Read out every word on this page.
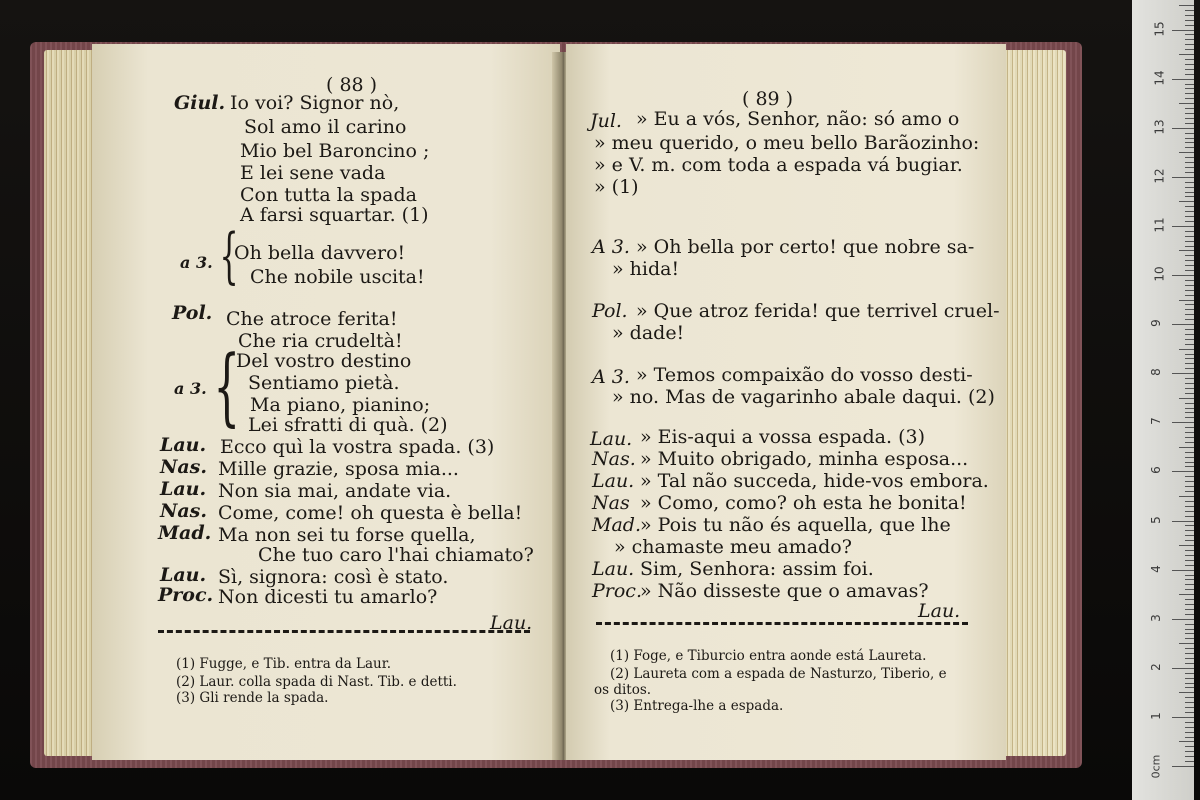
( 88 )
Giul. Io voi? Signor nò,
Sol amo il carino
Mio bel Baroncino ;
E lei sene vada
Con tutta la spada
A farsi squartar. (1)
a 3. {
Oh bella davvero!
Che nobile uscita!
Pol. Che atroce ferita!
Che ria crudeltà!
Del vostro destino
a 3. { Sentiamo pietà.
Ma piano, pianino;
Lei sfratti di quà. (2)
Lau. Ecco quì la vostra spada. (3)
Nas. Mille grazie, sposa mia...
Lau. Non sia mai, andate via.
Nas. Come, come! oh questa è bella!
Mad. Ma non sei tu forse quella,
Che tuo caro l'hai chiamato?
Lau. Sì, signora: così è stato.
Proc. Non dicesti tu amarlo?
Lau.
(1) Fugge, e Tib. entra da Laur.
(2) Laur. colla spada di Nast. Tib. e detti.
(3) Gli rende la spada.
( 89 )
Jul. » Eu a vós, Senhor, não: só amo o
» meu querido, o meu bello Barãozinho:
» e V. m. com toda a espada vá bugiar.
» (1)
A 3. » Oh bella por certo! que nobre sa-
» hida!
Pol. » Que atroz ferida! que terrivel cruel-
» dade!
A 3. » Temos compaixão do vosso desti-
» no. Mas de vagarinho abale daqui. (2)
Lau. » Eis-aqui a vossa espada. (3)
Nas. » Muito obrigado, minha esposa...
Lau. » Tal não succeda, hide-vos embora.
Nas » Como, como? oh esta he bonita!
Mad. » Pois tu não és aquella, que lhe
» chamaste meu amado?
Lau. Sim, Senhora: assim foi.
Proc.
» Não disseste que o amavas?
Lau.
(1) Foge, e Tiburcio entra aonde está Laureta.
(2) Laureta com a espada de Nasturzo, Tiberio, e
os ditos.
(3) Entrega-lhe a espada.
0cm
1
2
3
4
5
6
7
8
9
10
11
12
13
14
15
